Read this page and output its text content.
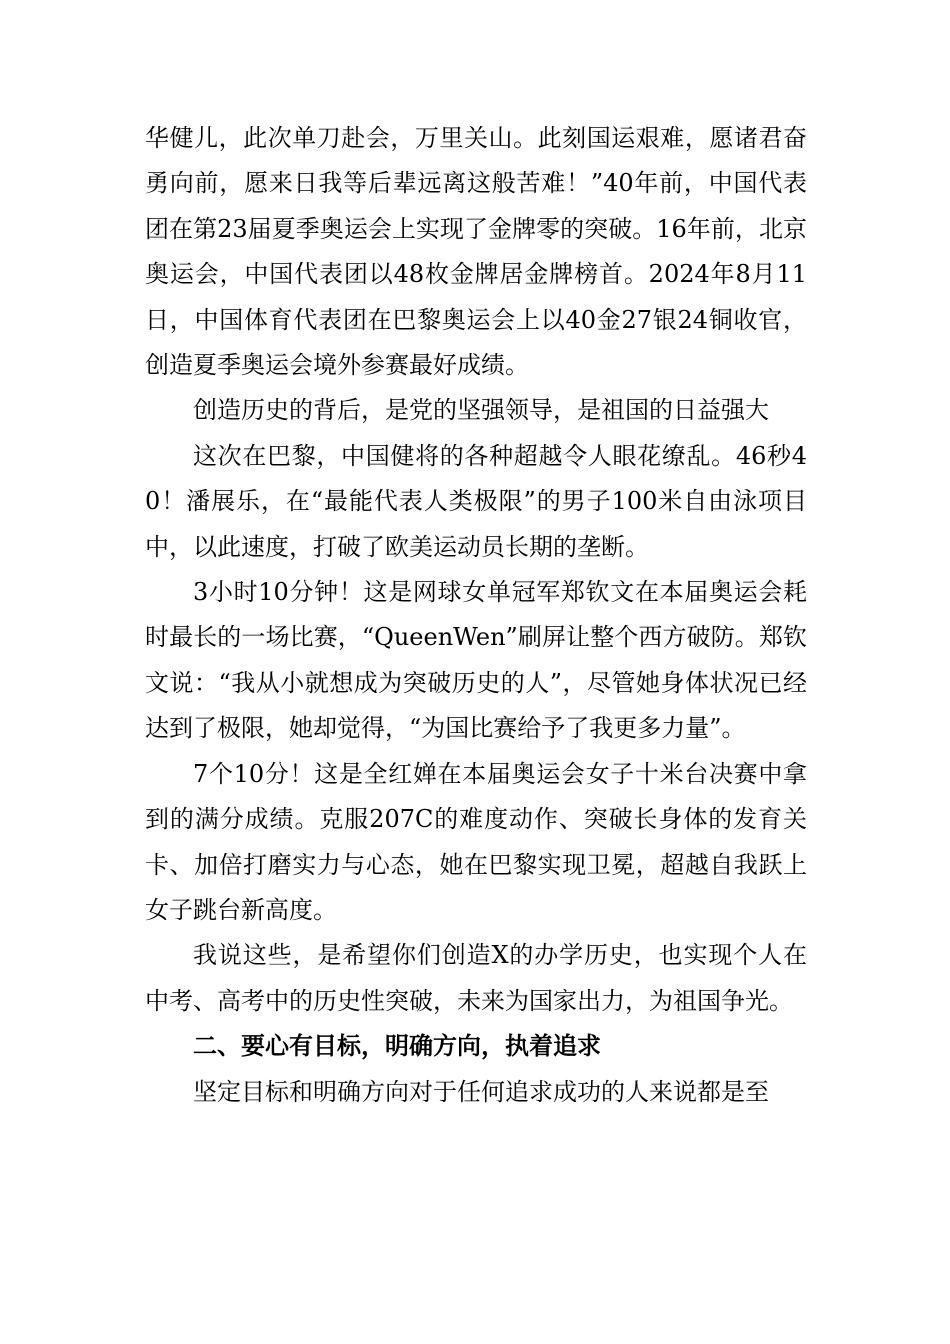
华健儿，此次单刀赴会，万里关山。此刻国运艰难，愿诸君奋勇向前，愿来日我等后辈远离这般苦难！”40年前，中国代表团在第23届夏季奥运会上实现了金牌零的突破。16年前，北京奥运会，中国代表团以48枚金牌居金牌榜首。2024年8月11日，中国体育代表团在巴黎奥运会上以40金27银24铜收官，创造夏季奥运会境外参赛最好成绩。

创造历史的背后，是党的坚强领导，是祖国的日益强大

这次在巴黎，中国健将的各种超越令人眼花缭乱。46秒40！潘展乐，在“最能代表人类极限”的男子100米自由泳项目中，以此速度，打破了欧美运动员长期的垄断。

3小时10分钟！这是网球女单冠军郑钦文在本届奥运会耗时最长的一场比赛，“QueenWen”刷屏让整个西方破防。郑钦文说：“我从小就想成为突破历史的人”，尽管她身体状况已经达到了极限，她却觉得，“为国比赛给予了我更多力量”。

7个10分！这是全红婵在本届奥运会女子十米台决赛中拿到的满分成绩。克服207C的难度动作、突破长身体的发育关卡、加倍打磨实力与心态，她在巴黎实现卫冕，超越自我跃上女子跳台新高度。

我说这些，是希望你们创造X的办学历史，也实现个人在中考、高考中的历史性突破，未来为国家出力，为祖国争光。

二、要心有目标，明确方向，执着追求

坚定目标和明确方向对于任何追求成功的人来说都是至
